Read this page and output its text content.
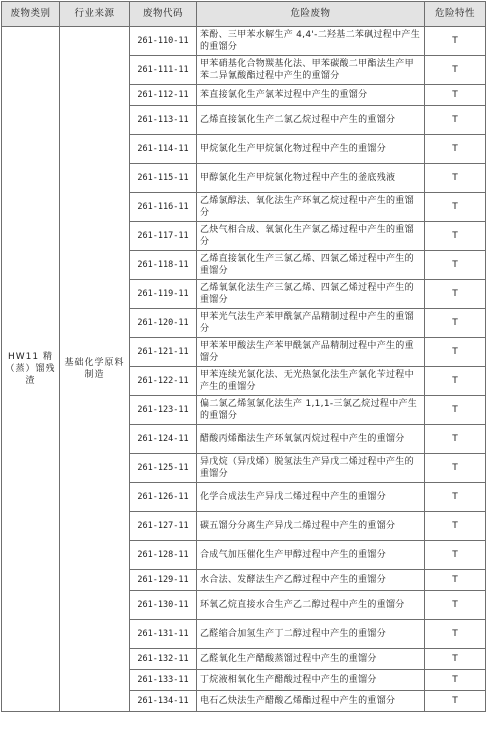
废物类别	行业来源	废物代码	危险废物	危险特性
HW11 精（蒸）馏残渣	基础化学原料制造	261-110-11	苯酚、三甲苯水解生产 4,4'-二羟基二苯砜过程中产生的重馏分	T
		261-111-11	甲苯硝基化合物羰基化法、甲苯碳酸二甲酯法生产甲苯二异氰酸酯过程中产生的重馏分	T
		261-112-11	苯直接氯化生产氯苯过程中产生的重馏分	T
		261-113-11	乙烯直接氯化生产二氯乙烷过程中产生的重馏分	T
		261-114-11	甲烷氯化生产甲烷氯化物过程中产生的重馏分	T
		261-115-11	甲醇氯化生产甲烷氯化物过程中产生的釜底残液	T
		261-116-11	乙烯氯醇法、氧化法生产环氧乙烷过程中产生的重馏分	T
		261-117-11	乙炔气相合成、氧氯化生产氯乙烯过程中产生的重馏分	T
		261-118-11	乙烯直接氯化生产三氯乙烯、四氯乙烯过程中产生的重馏分	T
		261-119-11	乙烯氧氯化法生产三氯乙烯、四氯乙烯过程中产生的重馏分	T
		261-120-11	甲苯光气法生产苯甲酰氯产品精制过程中产生的重馏分	T
		261-121-11	甲苯苯甲酸法生产苯甲酰氯产品精制过程中产生的重馏分	T
		261-122-11	甲苯连续光氯化法、无光热氯化法生产氯化苄过程中产生的重馏分	T
		261-123-11	偏二氯乙烯氢氯化法生产 1,1,1-三氯乙烷过程中产生的重馏分	T
		261-124-11	醋酸丙烯酯法生产环氧氯丙烷过程中产生的重馏分	T
		261-125-11	异戊烷（异戊烯）脱氢法生产异戊二烯过程中产生的重馏分	T
		261-126-11	化学合成法生产异戊二烯过程中产生的重馏分	T
		261-127-11	碳五馏分分离生产异戊二烯过程中产生的重馏分	T
		261-128-11	合成气加压催化生产甲醇过程中产生的重馏分	T
		261-129-11	水合法、发酵法生产乙醇过程中产生的重馏分	T
		261-130-11	环氧乙烷直接水合生产乙二醇过程中产生的重馏分	T
		261-131-11	乙醛缩合加氢生产丁二醇过程中产生的重馏分	T
		261-132-11	乙醛氧化生产醋酸蒸馏过程中产生的重馏分	T
		261-133-11	丁烷液相氧化生产醋酸过程中产生的重馏分	T
		261-134-11	电石乙炔法生产醋酸乙烯酯过程中产生的重馏分	T
